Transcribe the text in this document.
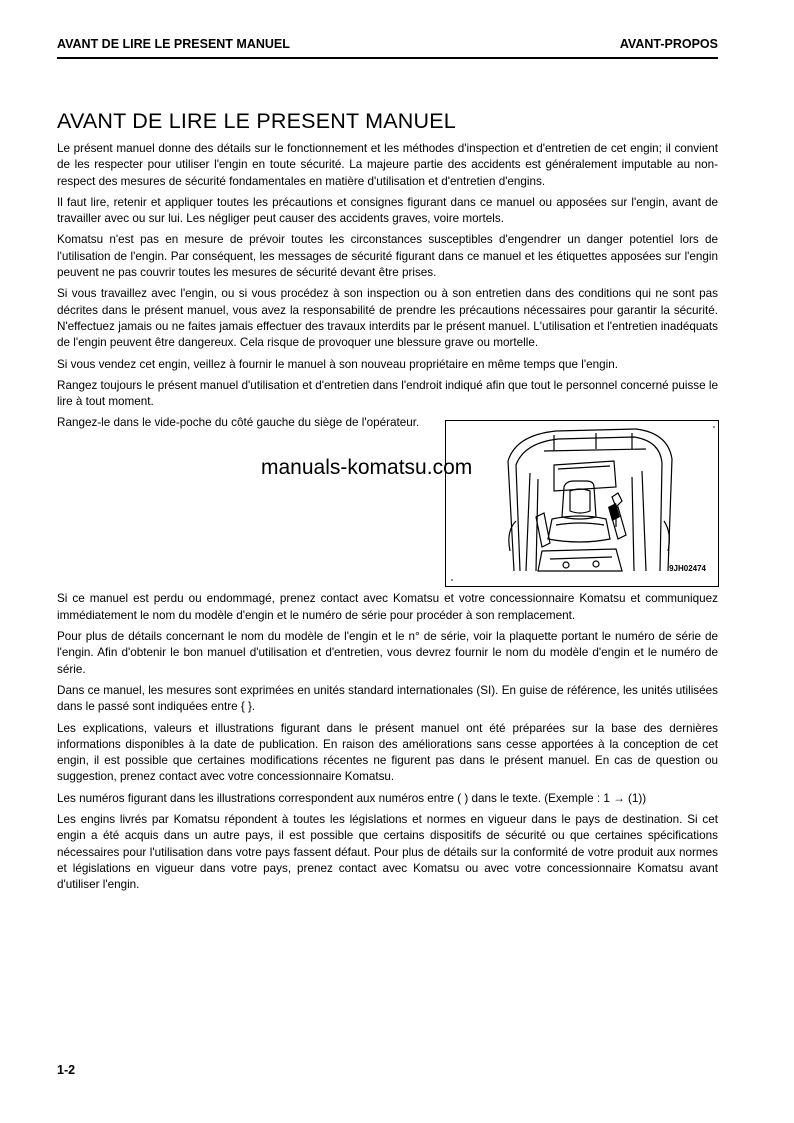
AVANT DE LIRE LE PRESENT MANUEL	AVANT-PROPOS
AVANT DE LIRE LE PRESENT MANUEL

Le présent manuel donne des détails sur le fonctionnement et les méthodes d'inspection et d'entretien de cet engin; il convient de les respecter pour utiliser l'engin en toute sécurité. La majeure partie des accidents est généralement imputable au non-respect des mesures de sécurité fondamentales en matière d'utilisation et d'entretien d'engins.

Il faut lire, retenir et appliquer toutes les précautions et consignes figurant dans ce manuel ou apposées sur l'engin, avant de travailler avec ou sur lui. Les négliger peut causer des accidents graves, voire mortels.

Komatsu n'est pas en mesure de prévoir toutes les circonstances susceptibles d'engendrer un danger potentiel lors de l'utilisation de l'engin. Par conséquent, les messages de sécurité figurant dans ce manuel et les étiquettes apposées sur l'engin peuvent ne pas couvrir toutes les mesures de sécurité devant être prises.

Si vous travaillez avec l'engin, ou si vous procédez à son inspection ou à son entretien dans des conditions qui ne sont pas décrites dans le présent manuel, vous avez la responsabilité de prendre les précautions nécessaires pour garantir la sécurité. N'effectuez jamais ou ne faites jamais effectuer des travaux interdits par le présent manuel. L'utilisation et l'entretien inadéquats de l'engin peuvent être dangereux. Cela risque de provoquer une blessure grave ou mortelle.

Si vous vendez cet engin, veillez à fournir le manuel à son nouveau propriétaire en même temps que l'engin.

Rangez toujours le présent manuel d'utilisation et d'entretien dans l'endroit indiqué afin que tout le personnel concerné puisse le lire à tout moment.

Rangez-le dans le vide-poche du côté gauche du siège de l'opérateur.

9JH02474

Si ce manuel est perdu ou endommagé, prenez contact avec Komatsu et votre concessionnaire Komatsu et communiquez immédiatement le nom du modèle d'engin et le numéro de série pour procéder à son remplacement.

Pour plus de détails concernant le nom du modèle de l'engin et le n° de série, voir la plaquette portant le numéro de série de l'engin. Afin d'obtenir le bon manuel d'utilisation et d'entretien, vous devrez fournir le nom du modèle d'engin et le numéro de série.

Dans ce manuel, les mesures sont exprimées en unités standard internationales (SI). En guise de référence, les unités utilisées dans le passé sont indiquées entre { }.

Les explications, valeurs et illustrations figurant dans le présent manuel ont été préparées sur la base des dernières informations disponibles à la date de publication. En raison des améliorations sans cesse apportées à la conception de cet engin, il est possible que certaines modifications récentes ne figurent pas dans le présent manuel. En cas de question ou suggestion, prenez contact avec votre concessionnaire Komatsu.

Les numéros figurant dans les illustrations correspondent aux numéros entre ( ) dans le texte. (Exemple : 1 → (1))

Les engins livrés par Komatsu répondent à toutes les législations et normes en vigueur dans le pays de destination. Si cet engin a été acquis dans un autre pays, il est possible que certains dispositifs de sécurité ou que certaines spécifications nécessaires pour l'utilisation dans votre pays fassent défaut. Pour plus de détails sur la conformité de votre produit aux normes et législations en vigueur dans votre pays, prenez contact avec Komatsu ou avec votre concessionnaire Komatsu avant d'utiliser l'engin.

manuals-komatsu.com
1-2
